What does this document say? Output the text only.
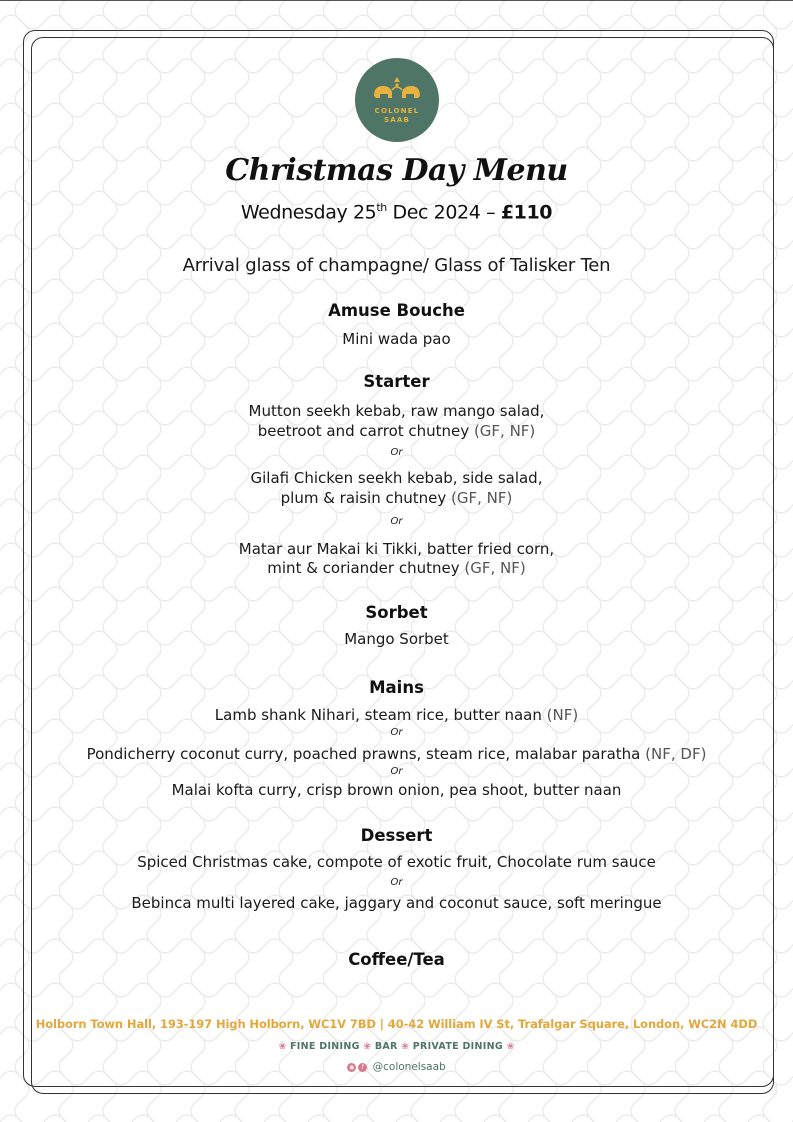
COLONEL
SAAB
Christmas Day Menu
Wednesday 25th Dec 2024 – £110
Arrival glass of champagne/ Glass of Talisker Ten
Amuse Bouche
Mini wada pao
Starter
Mutton seekh kebab, raw mango salad,
beetroot and carrot chutney (GF, NF)
Or
Gilafi Chicken seekh kebab, side salad,
plum & raisin chutney (GF, NF)
Or
Matar aur Makai ki Tikki, batter fried corn,
mint & coriander chutney (GF, NF)
Sorbet
Mango Sorbet
Mains
Lamb shank Nihari, steam rice, butter naan (NF)
Or
Pondicherry coconut curry, poached prawns, steam rice, malabar paratha (NF, DF)
Or
Malai kofta curry, crisp brown onion, pea shoot, butter naan
Dessert
Spiced Christmas cake, compote of exotic fruit, Chocolate rum sauce
Or
Bebinca multi layered cake, jaggary and coconut sauce, soft meringue
Coffee/Tea
Holborn Town Hall, 193-197 High Holborn, WC1V 7BD | 40-42 William IV St, Trafalgar Square, London, WC2N 4DD
❀ FINE DINING ❀ BAR ❀ PRIVATE DINING ❀
◉ f @colonelsaab
